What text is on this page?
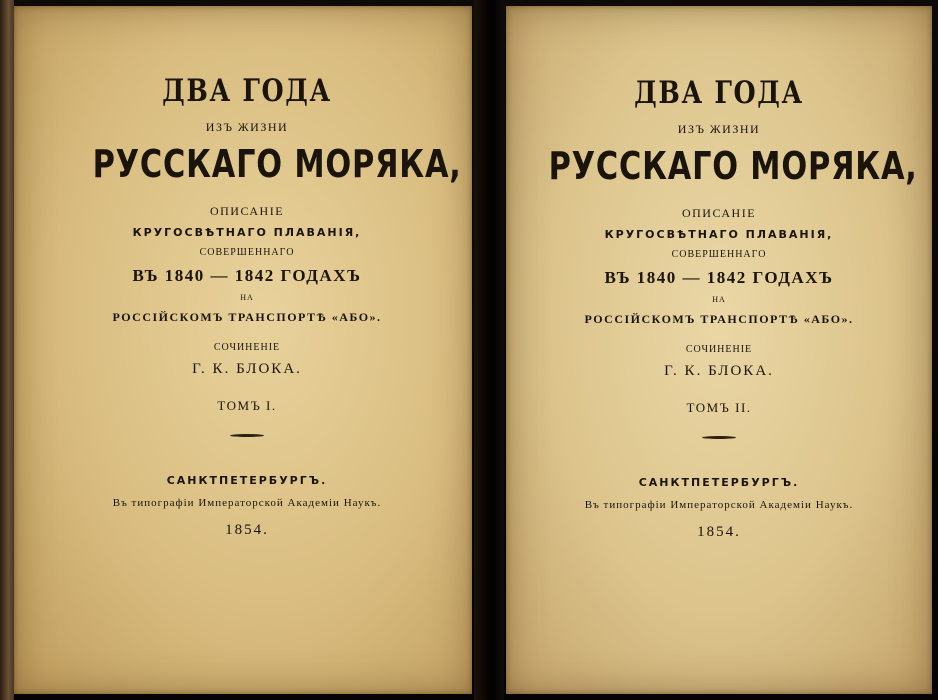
ДВА ГОДА
ИЗЪ ЖИЗНИ
РУССКАГО МОРЯКА,
ОПИСАНІЕ
КРУГОСВѢТНАГО ПЛАВАНІЯ,
СОВЕРШЕННАГО
ВЪ 1840 — 1842 ГОДАХЪ
НА
РОССІЙСКОМЪ ТРАНСПОРТѢ «АБО».
СОЧИНЕНІЕ
Г. К. БЛОКА.
ТОМЪ I.
САНКТПЕТЕРБУРГЪ.
Въ типографіи Императорской Академіи Наукъ.
1854.
ДВА ГОДА
ИЗЪ ЖИЗНИ
РУССКАГО МОРЯКА,
ОПИСАНІЕ
КРУГОСВѢТНАГО ПЛАВАНІЯ,
СОВЕРШЕННАГО
ВЪ 1840 — 1842 ГОДАХЪ
НА
РОССІЙСКОМЪ ТРАНСПОРТѢ «АБО».
СОЧИНЕНІЕ
Г. К. БЛОКА.
ТОМЪ II.
САНКТПЕТЕРБУРГЪ.
Въ типографіи Императорской Академіи Наукъ.
1854.
